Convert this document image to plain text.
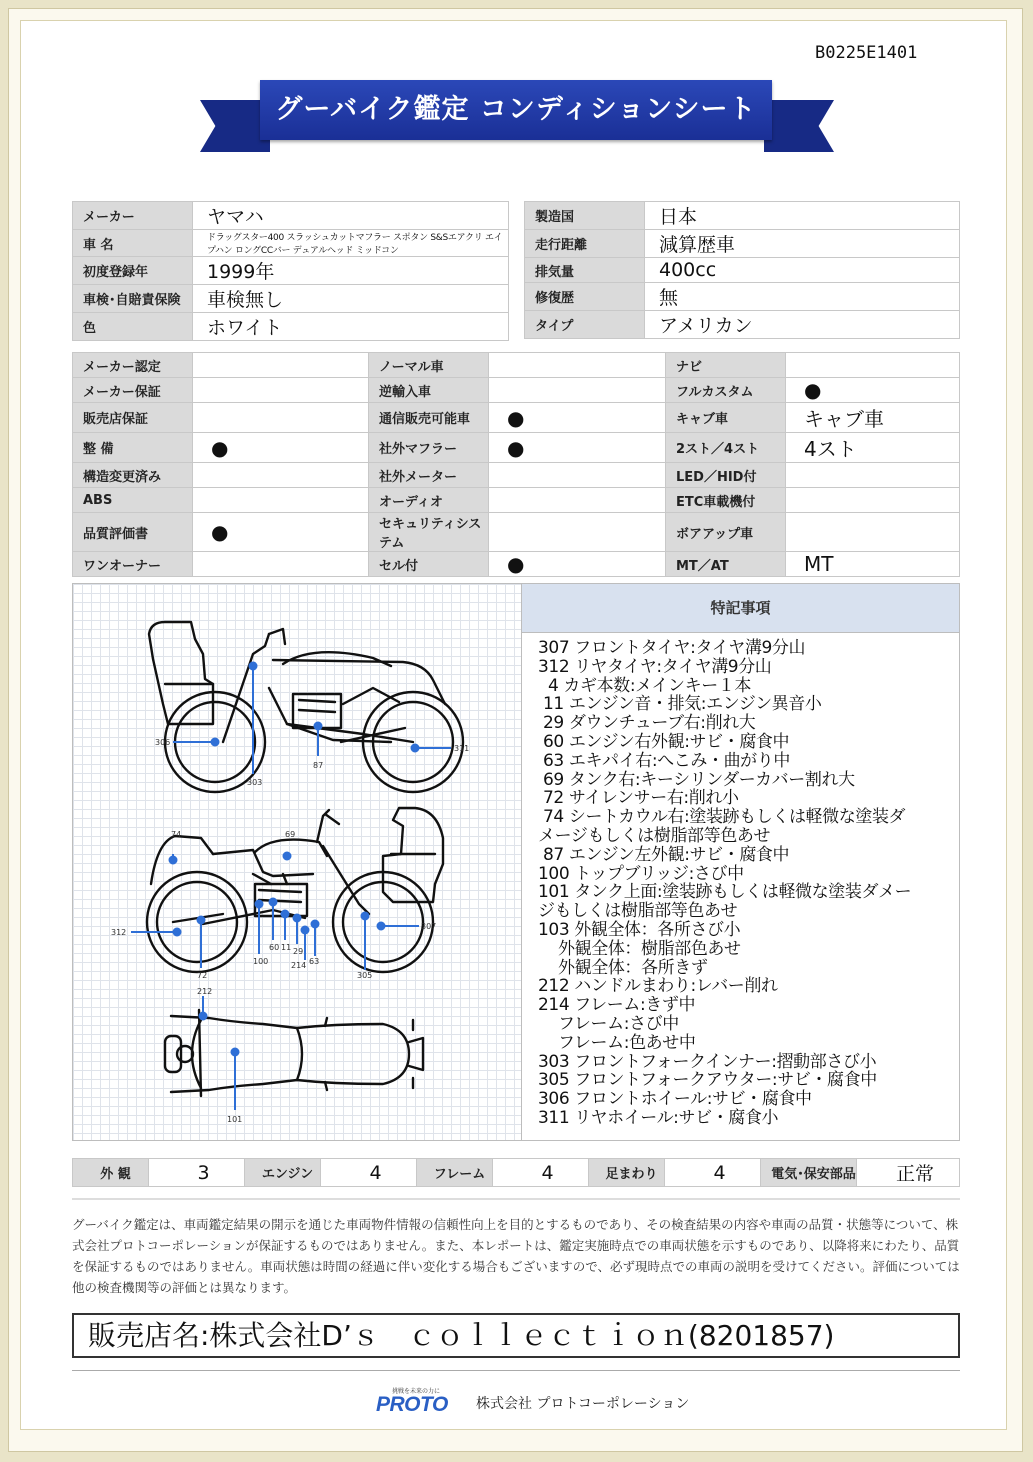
B0225E1401
グーバイク鑑定 コンディションシート
メーカー	ヤマハ
車 名	ドラッグスター400 スラッシュカットマフラー スポタン S&Sエアクリ エイプハン ロングCCバー デュアルヘッド ミッドコン
初度登録年	1999年
車検･自賠責保険	車検無し
色	ホワイト
製造国	日本
走行距離	減算歴車
排気量	400cc
修復歴	無
タイプ	アメリカン
メーカー認定		ノーマル車		ナビ	
メーカー保証		逆輸入車		フルカスタム	●
販売店保証		通信販売可能車	●	キャブ車	キャブ車
整 備	●	社外マフラー	●	2スト／4スト	4スト
構造変更済み		社外メーター		LED／HID付	
ABS		オーディオ		ETC車載機付	
品質評価書	●	セキュリティシステム		ボアアップ車	
ワンオーナー		セル付	●	MT／AT	MT
306
303
87
311
74	69
312
72
100
60 11 29
214 63
305
307
212
101
特記事項
307 フロントタイヤ:タイヤ溝9分山
312 リヤタイヤ:タイヤ溝9分山
4 カギ本数:メインキー１本
11 エンジン音・排気:エンジン異音小
29 ダウンチューブ右:削れ大
60 エンジン右外観:サビ・腐食中
63 エキパイ右:へこみ・曲がり中
69 タンク右:キーシリンダーカバー割れ大
72 サイレンサー右:削れ小
74 シートカウル右:塗装跡もしくは軽微な塗装ダ
メージもしくは樹脂部等色あせ
87 エンジン左外観:サビ・腐食中
100 トップブリッジ:さび中
101 タンク上面:塗装跡もしくは軽微な塗装ダメー
ジもしくは樹脂部等色あせ
103 外観全体：各所さび小
外観全体：樹脂部色あせ
外観全体：各所きず
212 ハンドルまわり:レバー削れ
214 フレーム:きず中
フレーム:さび中
フレーム:色あせ中
303 フロントフォークインナー:摺動部さび小
305 フロントフォークアウター:サビ・腐食中
306 フロントホイール:サビ・腐食中
311 リヤホイール:サビ・腐食小
外 観	3	エンジン	4	フレーム	4	足まわり	4	電気･保安部品	正常
グーバイク鑑定は、車両鑑定結果の開示を通じた車両物件情報の信頼性向上を目的とするものであり、その検査結果の内容や車両の品質・状態等について、株式会社プロトコーポレーションが保証するものではありません。また、本レポートは、鑑定実施時点での車両状態を示すものであり、以降将来にわたり、品質を保証するものではありません。車両状態は時間の経過に伴い変化する場合もございますので、必ず現時点での車両の説明を受けてください。評価については他の検査機関等の評価とは異なります。
販売店名:株式会社D’ｓ　ｃｏｌｌｅｃｔｉｏｎ(8201857)
挑戦を未来の力に
PROTO 株式会社 プロトコーポレーション
